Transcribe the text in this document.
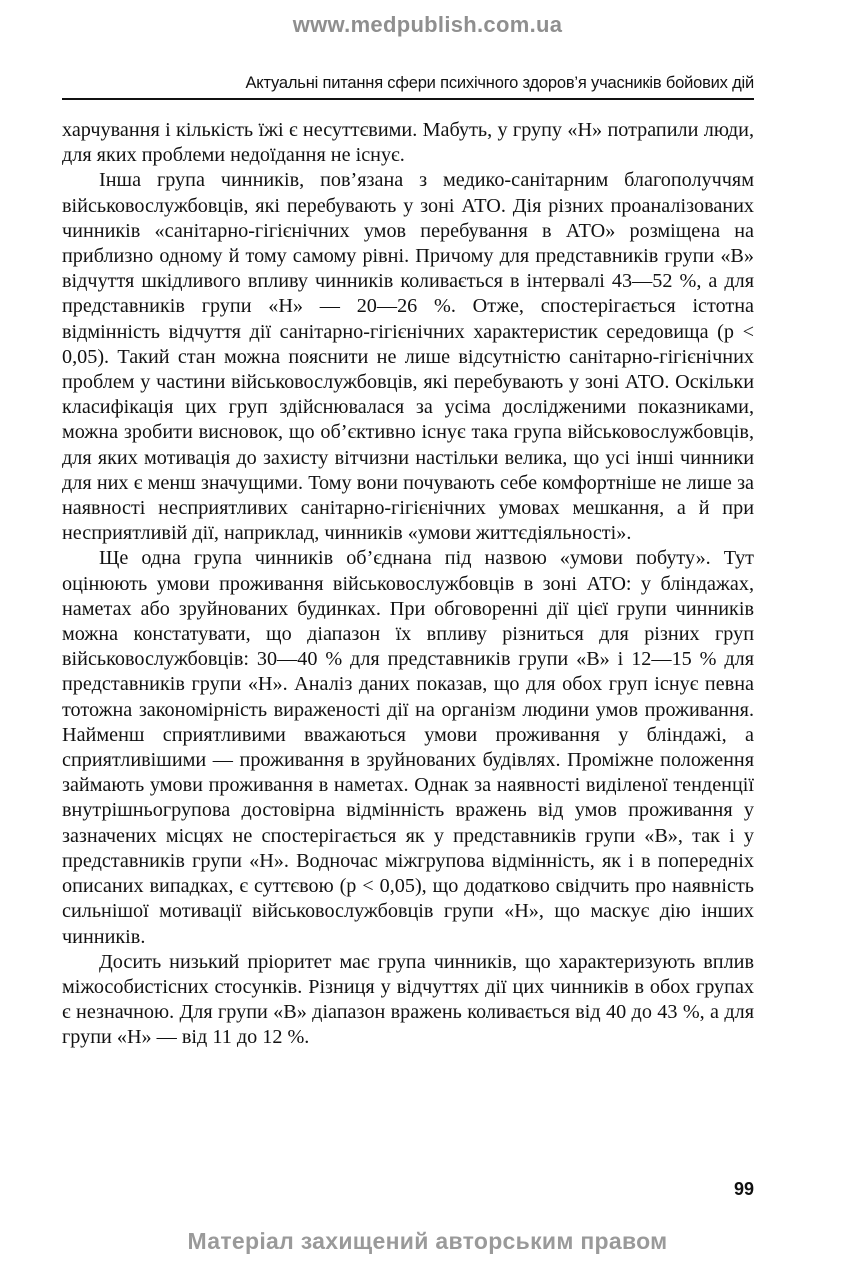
www.medpublish.com.ua
Актуальні питання сфери психічного здоров’я учасників бойових дій

харчування і кількість їжі є несуттєвими. Мабуть, у групу «Н» потрапили люди, для яких проблеми недоїдання не існує.

Інша група чинників, пов’язана з медико-санітарним благополуччям військовослужбовців, які перебувають у зоні АТО. Дія різних проаналізованих чинників «санітарно-гігієнічних умов перебування в АТО» розміщена на приблизно одному й тому самому рівні. Причому для представників групи «В» відчуття шкідливого впливу чинників коливається в інтервалі 43—52 %, а для представників групи «Н» — 20—26 %. Отже, спостерігається істотна відмінність відчуття дії санітарно-гігієнічних характеристик середовища (p < 0,05). Такий стан можна пояснити не лише відсутністю санітарно-гігієнічних проблем у частини військовослужбовців, які перебувають у зоні АТО. Оскільки класифікація цих груп здійснювалася за усіма дослідженими показниками, можна зробити висновок, що об’єктивно існує така група військовослужбовців, для яких мотивація до захисту вітчизни настільки велика, що усі інші чинники для них є менш значущими. Тому вони почувають себе комфортніше не лише за наявності несприятливих санітарно-гігієнічних умовах мешкання, а й при несприятливій дії, наприклад, чинників «умови життєдіяльності».

Ще одна група чинників об’єднана під назвою «умови побуту». Тут оцінюють умови проживання військовослужбовців в зоні АТО: у бліндажах, наметах або зруйнованих будинках. При обговоренні дії цієї групи чинників можна констатувати, що діапазон їх впливу різниться для різних груп військовослужбовців: 30—40 % для представників групи «В» і 12—15 % для представників групи «Н». Аналіз даних показав, що для обох груп існує певна тотожна закономірність вираженості дії на організм людини умов проживання. Найменш сприятливими вважаються умови проживання у бліндажі, а сприятливішими — проживання в зруйнованих будівлях. Проміжне положення займають умови проживання в наметах. Однак за наявності виділеної тенденції внутрішньогрупова достовірна відмінність вражень від умов проживання у зазначених місцях не спостерігається як у представників групи «В», так і у представників групи «Н». Водночас міжгрупова відмінність, як і в попередніх описаних випадках, є суттєвою (p < 0,05), що додатково свідчить про наявність сильнішої мотивації військовослужбовців групи «Н», що маскує дію інших чинників.

Досить низький пріоритет має група чинників, що характеризують вплив міжособистісних стосунків. Різниця у відчуттях дії цих чинників в обох групах є незначною. Для групи «В» діапазон вражень коливається від 40 до 43 %, а для групи «Н» — від 11 до 12 %.

99
Матеріал захищений авторським правом
